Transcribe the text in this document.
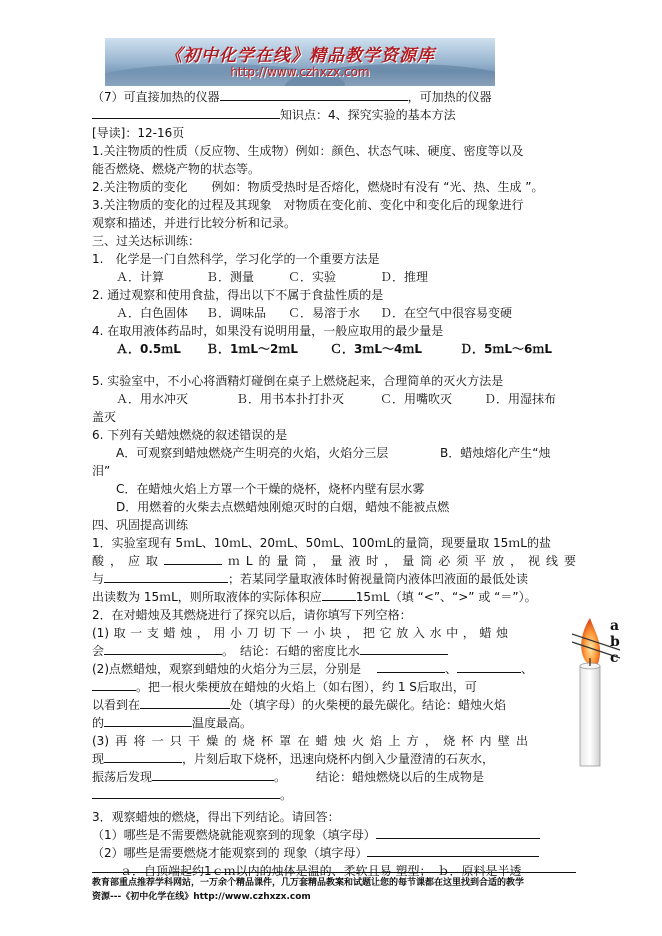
《初中化学在线》精品教学资源库
http://www.czhxzx.com
（7）可直接加热的仪器	，可加热的仪器
知识点：4、探究实验的基本方法
[导读]：12-16页
1.关注物质的性质（反应物、生成物）例如：颜色、状态气味、硬度、密度等以及
能否燃烧、燃烧产物的状态等。
2.关注物质的变化　　例如：物质受热时是否熔化，燃烧时有没有 “光、热、生成 ”。
3.关注物质的变化的过程及其现象　对物质在变化前、变化中和变化后的现象进行
观察和描述，并进行比较分析和记录。
三、过关达标训练：
1.　化学是一门自然科学，学习化学的一个重要方法是
Ａ．计算	Ｂ．测量	Ｃ．实验	Ｄ．推理
2. 通过观察和使用食盐，得出以下不属于食盐性质的是
Ａ．白色固体 Ｂ．调味品 Ｃ．易溶于水 Ｄ．在空气中很容易变硬
4. 在取用液体药品时，如果没有说明用量，一般应取用的最少量是
Ａ．0.5ｍL Ｂ．1ｍL～2ｍL	Ｃ．3ｍL～4ｍL	Ｄ．5ｍL～6ｍL
5. 实验室中，不小心将酒精灯碰倒在桌子上燃烧起来，合理简单的灭火方法是
Ａ．用水冲灭	Ｂ．用书本扑打扑灭	Ｃ．用嘴吹灭	Ｄ．用湿抹布
盖灭
6. 下列有关蜡烛燃烧的叙述错误的是
A．可观察到蜡烛燃烧产生明亮的火焰，火焰分三层	B．蜡烛熔化产生“烛
泪”
C．在蜡烛火焰上方罩一个干燥的烧杯，烧杯内壁有层水雾
D．用燃着的火柴去点燃蜡烛刚熄灭时的白烟，蜡烛不能被点燃
四、巩固提高训练
1．实验室现有 5ｍL、10ｍL、20ｍL、50ｍL、100ｍL的量筒，现要量取 15ｍL的盐
酸，应取	ｍL的量筒，量液时，量筒必须平放，视线要
与	；若某同学量取液体时俯视量筒内液体凹液面的最低处读
出读数为 15ｍL，则所取液体的实际体积应	15ｍL（填 “<”、“>” 或 “＝”）。
2．在对蜡烛及其燃烧进行了探究以后，请你填写下列空格：
(1)取一支蜡烛，用小刀切下一小块，把它放入水中，蜡烛
会	。　结论：石蜡的密度比水
(2)点燃蜡烛，观察到蜡烛的火焰分为三层，分别是	、	、
。把一根火柴梗放在蜡烛的火焰上（如右图），约 1 S后取出，可
以看到在	处（填字母）的火柴梗的最先碳化。结论：蜡烛火焰
的	温度最高。
(3)再将一只干燥的烧杯罩在蜡烛火焰上方，烧杯内壁出
现	，片刻后取下烧杯，迅速向烧杯内倒入少量澄清的石灰水，
振荡后发现	。　　　结论：蜡烛燃烧以后的生成物是
。
3．观察蜡烛的燃烧，得出下列结论。请回答：
（1）哪些是不需要燃烧就能观察到的现象（填字母）
（2）哪些是需要燃烧才能观察到的 现象（填字母）
ａ．自顶端起约1ｃｍ以内的烛体是温的、柔软且易 塑型；　ｂ．原料是半透
a
b
c
教育部重点推荐学科网站，一万余个精品课件，几万套精品教案和试题让您的每节课都在这里找到合适的教学
资源---《初中化学在线》http://www.czhxzx.com
